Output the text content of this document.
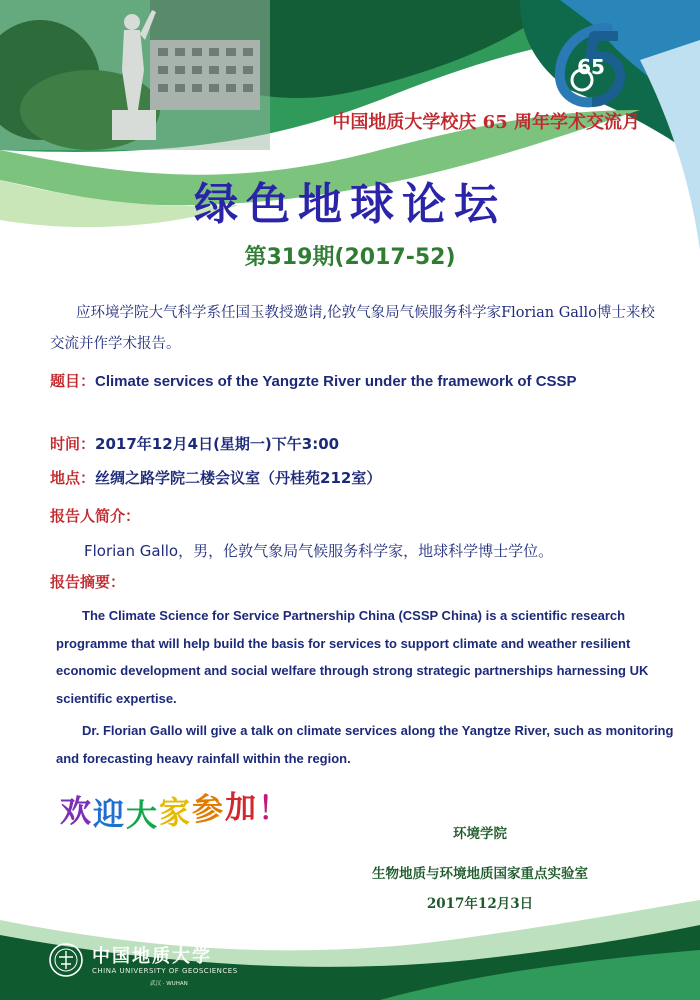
65
中国地质大学校庆 65 周年学术交流月
绿色地球论坛
第319期(2017-52)
应环境学院大气科学系任国玉教授邀请,伦敦气象局气候服务科学家Florian Gallo博士来校交流并作学术报告。
题目：Climate services of the Yangzte River under the framework of CSSP
时间：2017年12月4日(星期一)下午3:00
地点：丝绸之路学院二楼会议室（丹桂苑212室）
报告人简介：
Florian Gallo，男，伦敦气象局气候服务科学家，地球科学博士学位。
报告摘要：
The Climate Science for Service Partnership China (CSSP China) is a scientific research programme that will help build the basis for services to support climate and weather resilient economic development and social welfare through strong strategic partnerships harnessing UK scientific expertise.
Dr. Florian Gallo will give a talk on climate services along the Yangtze River, such as monitoring and forecasting heavy rainfall within the region.
欢迎大家参加！
环境学院
生物地质与环境地质国家重点实验室
2017年12月3日
中国地质大学
CHINA UNIVERSITY OF GEOSCIENCES
武汉 · WUHAN
